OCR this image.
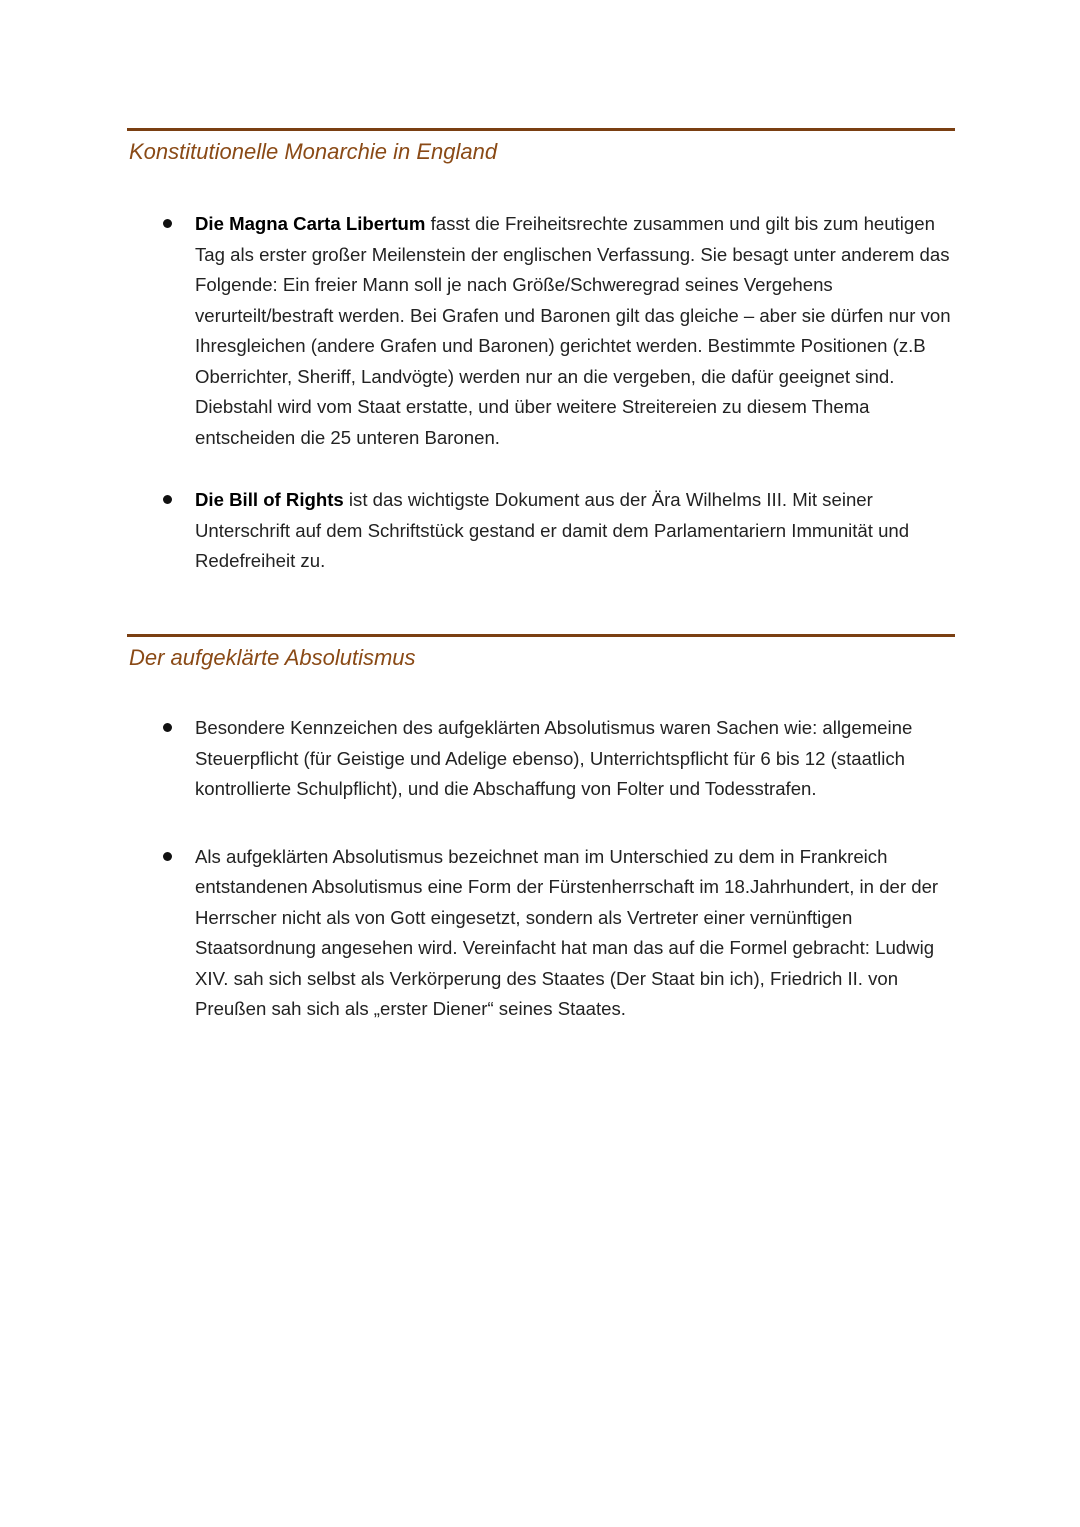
Konstitutionelle Monarchie in England
Die Magna Carta Libertum fasst die Freiheitsrechte zusammen und gilt bis zum heutigen Tag als erster großer Meilenstein der englischen Verfassung. Sie besagt unter anderem das Folgende: Ein freier Mann soll je nach Größe/Schweregrad seines Vergehens verurteilt/bestraft werden. Bei Grafen und Baronen gilt das gleiche – aber sie dürfen nur von Ihresgleichen (andere Grafen und Baronen) gerichtet werden. Bestimmte Positionen (z.B Oberrichter, Sheriff, Landvögte) werden nur an die vergeben, die dafür geeignet sind. Diebstahl wird vom Staat erstatte, und über weitere Streitereien zu diesem Thema entscheiden die 25 unteren Baronen.
Die Bill of Rights ist das wichtigste Dokument aus der Ära Wilhelms III. Mit seiner Unterschrift auf dem Schriftstück gestand er damit dem Parlamentariern Immunität und Redefreiheit zu.
Der aufgeklärte Absolutismus
Besondere Kennzeichen des aufgeklärten Absolutismus waren Sachen wie: allgemeine Steuerpflicht (für Geistige und Adelige ebenso), Unterrichtspflicht für 6 bis 12 (staatlich kontrollierte Schulpflicht), und die Abschaffung von Folter und Todesstrafen.
Als aufgeklärten Absolutismus bezeichnet man im Unterschied zu dem in Frankreich entstandenen Absolutismus eine Form der Fürstenherrschaft im 18.Jahrhundert, in der der Herrscher nicht als von Gott eingesetzt, sondern als Vertreter einer vernünftigen Staatsordnung angesehen wird. Vereinfacht hat man das auf die Formel gebracht: Ludwig XIV. sah sich selbst als Verkörperung des Staates (Der Staat bin ich), Friedrich II. von Preußen sah sich als „erster Diener“ seines Staates.
